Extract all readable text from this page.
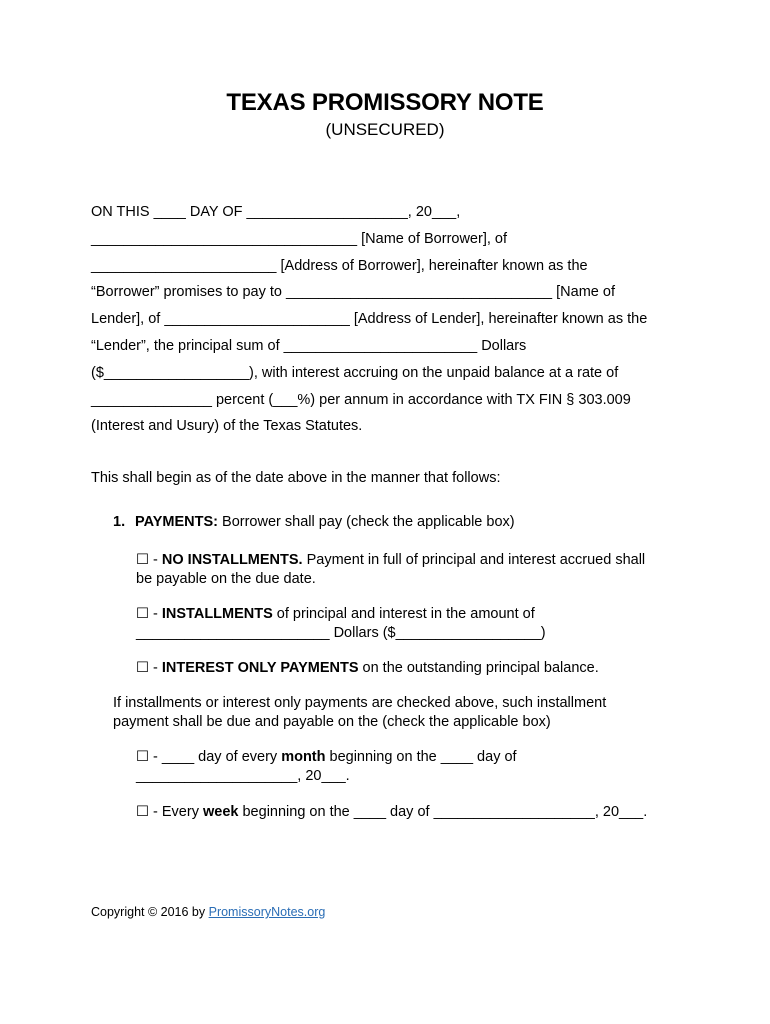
TEXAS PROMISSORY NOTE
(UNSECURED)
ON THIS ____ DAY OF ____________________, 20___,
_________________________________ [Name of Borrower], of
_______________________ [Address of Borrower], hereinafter known as the
“Borrower” promises to pay to _________________________________ [Name of
Lender], of _______________________ [Address of Lender], hereinafter known as the
“Lender”, the principal sum of ________________________ Dollars
($__________________), with interest accruing on the unpaid balance at a rate of
_______________ percent (___%) per annum in accordance with TX FIN § 303.009
(Interest and Usury) of the Texas Statutes.
This shall begin as of the date above in the manner that follows:
1. PAYMENTS: Borrower shall pay (check the applicable box)
☐ - NO INSTALLMENTS. Payment in full of principal and interest accrued shall
be payable on the due date.
☐ - INSTALLMENTS of principal and interest in the amount of
________________________ Dollars ($__________________)
☐ - INTEREST ONLY PAYMENTS on the outstanding principal balance.
If installments or interest only payments are checked above, such installment
payment shall be due and payable on the (check the applicable box)
☐ - ____ day of every month beginning on the ____ day of
____________________, 20___.
☐ - Every week beginning on the ____ day of ____________________, 20___.
Copyright © 2016 by PromissoryNotes.org
